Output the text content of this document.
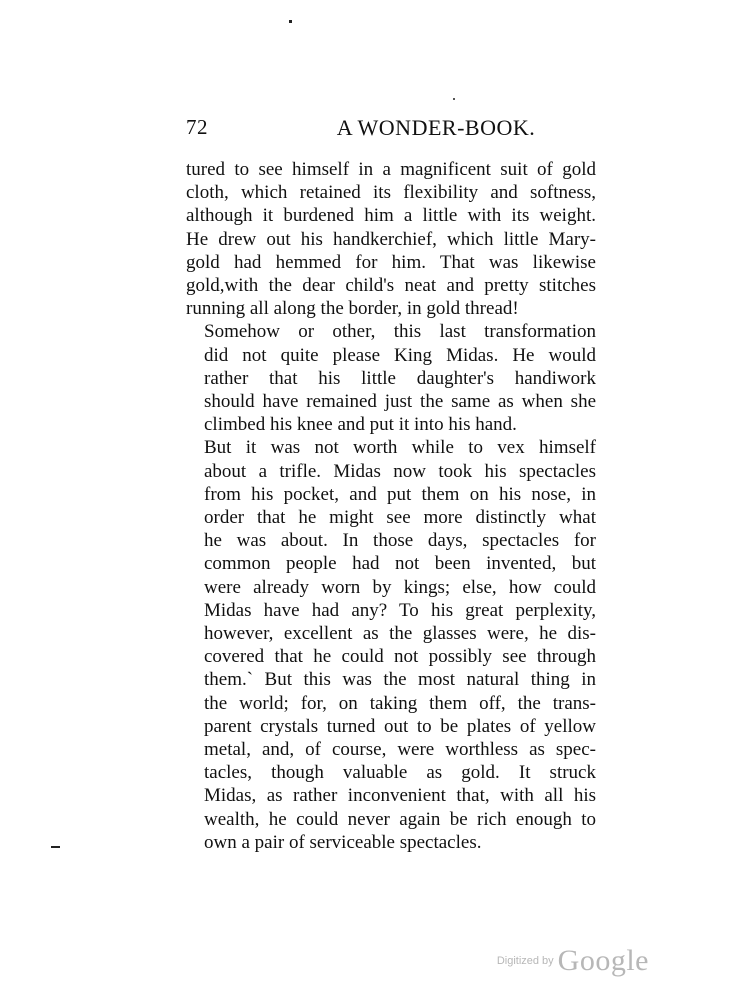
72	A WONDER-BOOK.

tured to see himself in a magnificent suit of gold
cloth, which retained its flexibility and softness,
although it burdened him a little with its weight.
He drew out his handkerchief, which little Mary-
gold had hemmed for him. That was likewise
gold,with the dear child's neat and pretty stitches
running all along the border, in gold thread!

Somehow or other, this last transformation
did not quite please King Midas. He would
rather that his little daughter's handiwork
should have remained just the same as when she
climbed his knee and put it into his hand.

But it was not worth while to vex himself
about a trifle. Midas now took his spectacles
from his pocket, and put them on his nose, in
order that he might see more distinctly what
he was about. In those days, spectacles for
common people had not been invented, but
were already worn by kings; else, how could
Midas have had any? To his great perplexity,
however, excellent as the glasses were, he dis-
covered that he could not possibly see through
them.` But this was the most natural thing in
the world; for, on taking them off, the trans-
parent crystals turned out to be plates of yellow
metal, and, of course, were worthless as spec-
tacles, though valuable as gold. It struck
Midas, as rather inconvenient that, with all his
wealth, he could never again be rich enough to
own a pair of serviceable spectacles.

Digitized by Google
